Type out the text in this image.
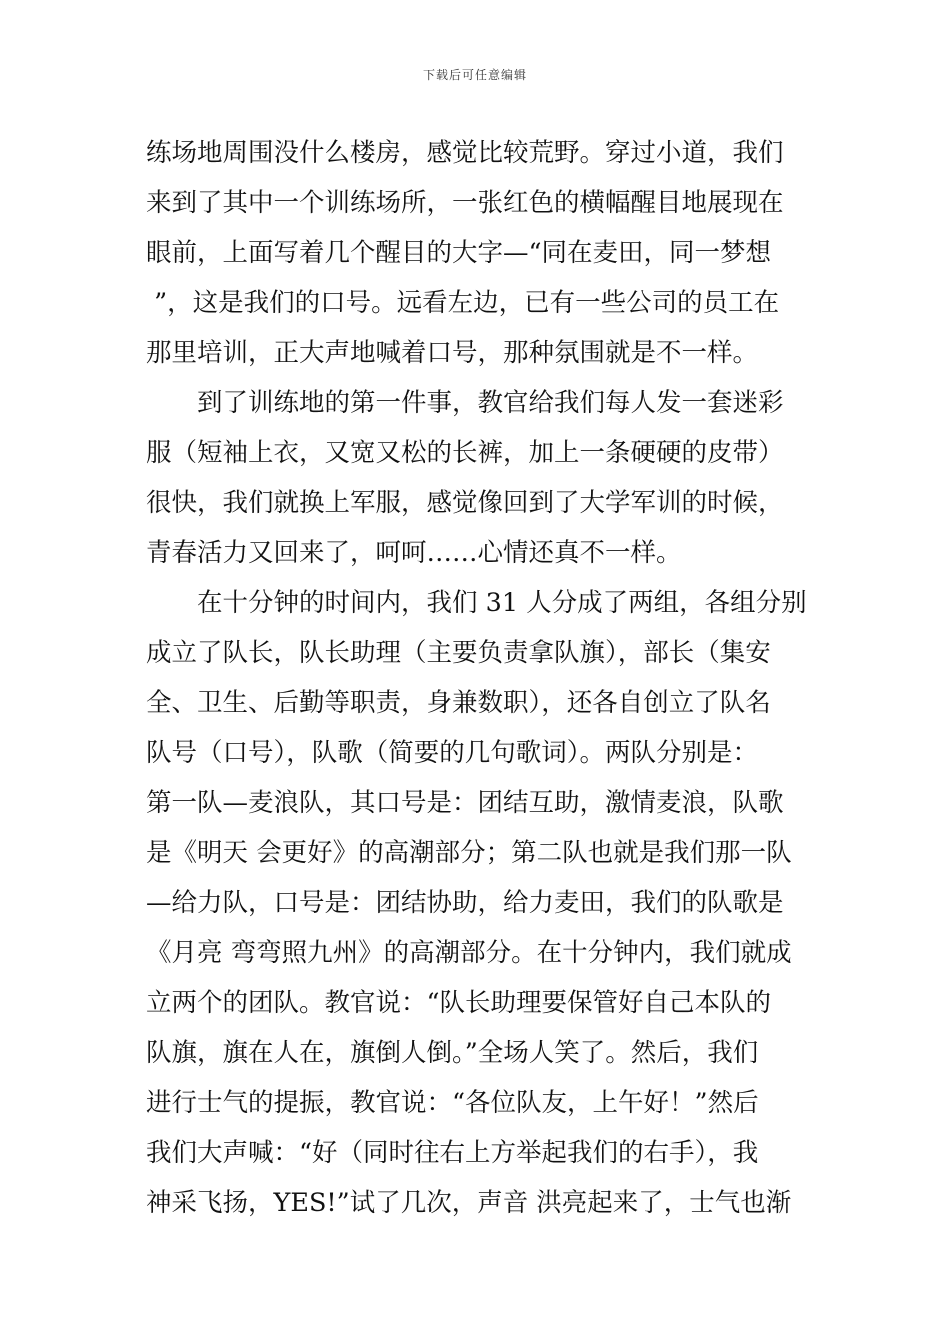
下载后可任意编辑
练场地周围没什么楼房，感觉比较荒野。穿过小道，我们
来到了其中一个训练场所，一张红色的横幅醒目地展现在
眼前，上面写着几个醒目的大字—“同在麦田，同一梦想
”，这是我们的口号。远看左边，已有一些公司的员工在
那里培训，正大声地喊着口号，那种氛围就是不一样。
　　到了训练地的第一件事，教官给我们每人发一套迷彩
服（短袖上衣，又宽又松的长裤，加上一条硬硬的皮带）
很快，我们就换上军服，感觉像回到了大学军训的时候，
青春活力又回来了，呵呵……心情还真不一样。
　　在十分钟的时间内，我们 31 人分成了两组，各组分别
成立了队长，队长助理（主要负责拿队旗），部长（集安
全、卫生、后勤等职责，身兼数职），还各自创立了队名
队号（口号），队歌（简要的几句歌词）。两队分别是：
第一队—麦浪队，其口号是：团结互助，激情麦浪，队歌
是《明天 会更好》的高潮部分；第二队也就是我们那一队
—给力队，口号是：团结协助，给力麦田，我们的队歌是
《月亮 弯弯照九州》的高潮部分。在十分钟内，我们就成
立两个的团队。教官说：“队长助理要保管好自己本队的
队旗，旗在人在，旗倒人倒。”全场人笑了。然后，我们
进行士气的提振，教官说：“各位队友，上午好！”然后
我们大声喊：“好（同时往右上方举起我们的右手），我
神采飞扬，YES!”试了几次，声音 洪亮起来了，士气也渐
